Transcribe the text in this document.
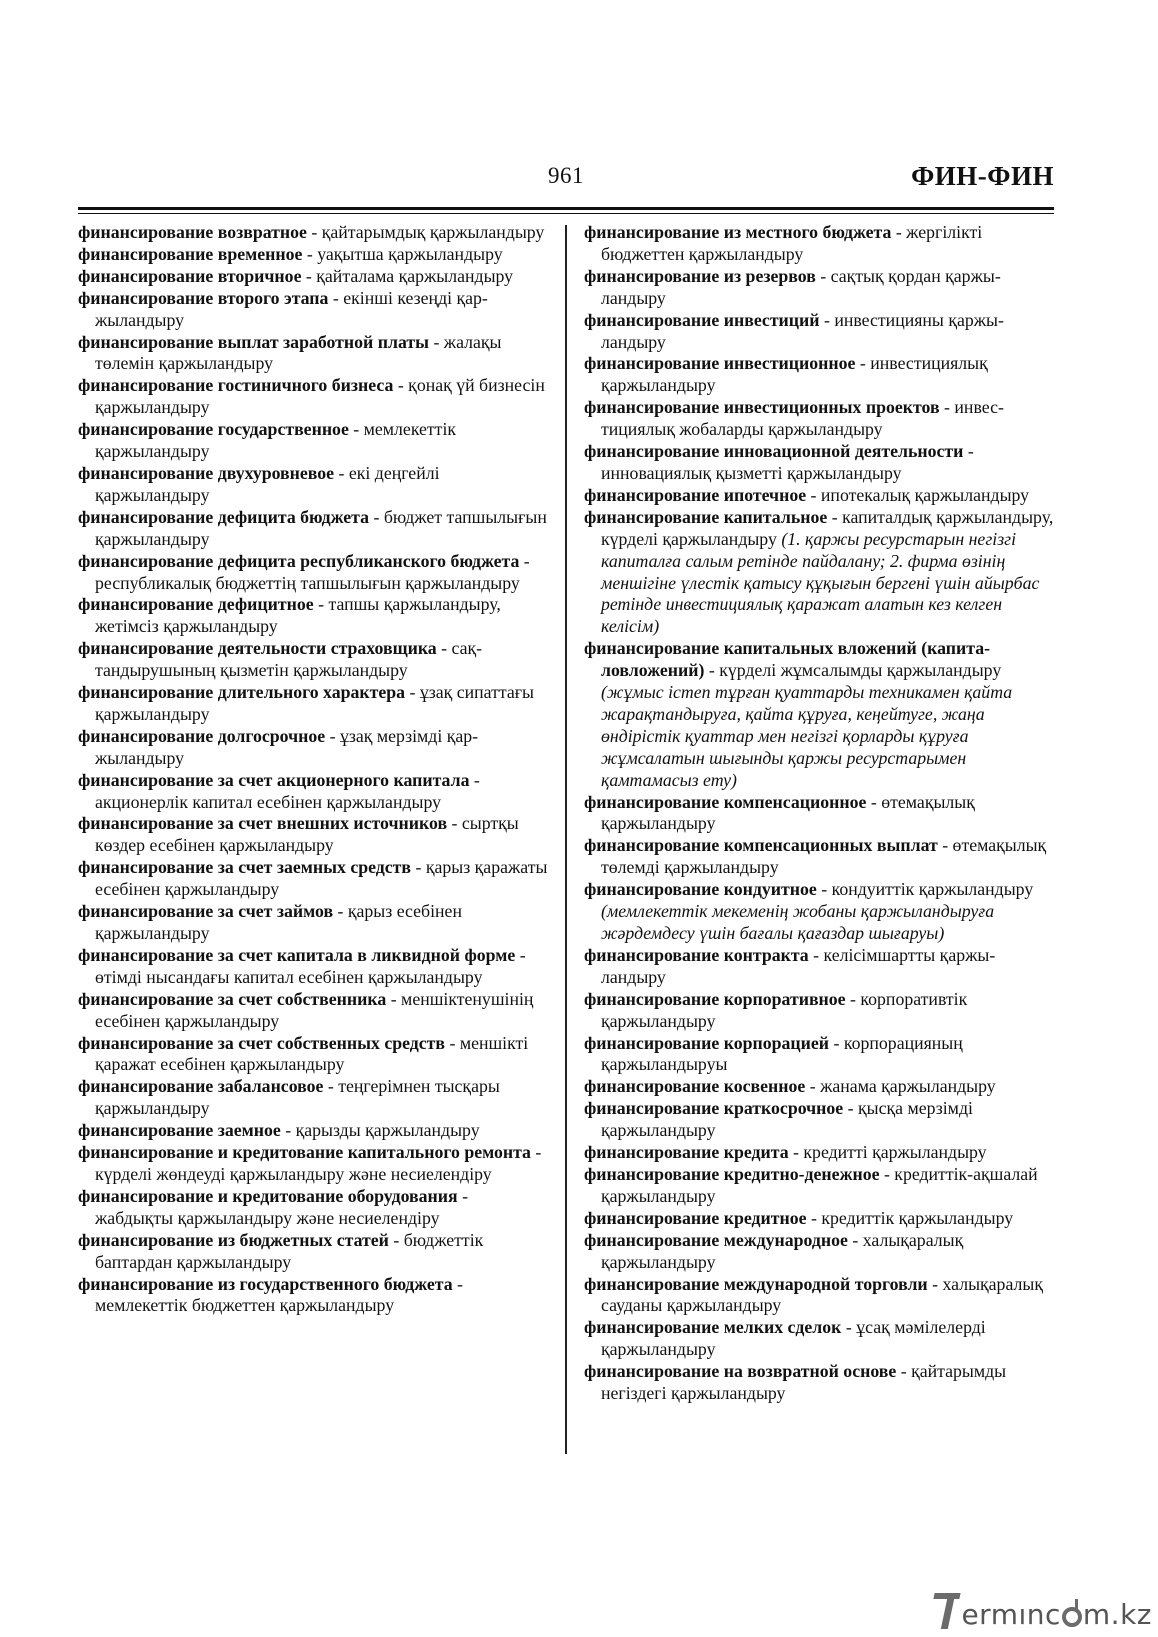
961	ФИН-ФИН

финансирование возвратное - қайтарымдық қаржыландыру

финансирование временное - уақытша қаржыландыру

финансирование вторичное - қайталама қаржыландыру

финансирование второго этапа - екінші кезеңді қаржыландыру

финансирование выплат заработной платы - жалақы төлемін қаржыландыру

финансирование гостиничного бизнеса - қонақ үй бизнесін қаржыландыру

финансирование государственное - мемлекеттік қаржыландыру

финансирование двухуровневое - екі деңгейлі қаржыландыру

финансирование дефицита бюджета - бюджет тапшылығын қаржыландыру

финансирование дефицита республиканского бюджета - республикалық бюджеттің тапшылығын қаржыландыру

финансирование дефицитное - тапшы қаржыландыру, жетімсіз қаржыландыру

финансирование деятельности страховщика - сақтандырушының қызметін қаржыландыру

финансирование длительного характера - ұзақ сипаттағы қаржыландыру

финансирование долгосрочное - ұзақ мерзімді қаржыландыру

финансирование за счет акционерного капитала - акционерлік капитал есебінен қаржыландыру

финансирование за счет внешних источников - сыртқы көздер есебінен қаржыландыру

финансирование за счет заемных средств - қарыз қаражаты есебінен қаржыландыру

финансирование за счет займов - қарыз есебінен қаржыландыру

финансирование за счет капитала в ликвидной форме - өтімді нысандағы капитал есебінен қаржыландыру

финансирование за счет собственника - меншіктенушінің есебінен қаржыландыру

финансирование за счет собственных средств - меншікті қаражат есебінен қаржыландыру

финансирование забалансовое - теңгерімнен тысқары қаржыландыру

финансирование заемное - қарызды қаржыландыру

финансирование и кредитование капитального ремонта - күрделі жөндеуді қаржыландыру және несиелендіру

финансирование и кредитование оборудования - жабдықты қаржыландыру және несиелендіру

финансирование из бюджетных статей - бюджеттік баптардан қаржыландыру

финансирование из государственного бюджета - мемлекеттік бюджеттен қаржыландыру

финансирование из местного бюджета - жергілікті бюджеттен қаржыландыру

финансирование из резервов - сақтық қордан қаржыландыру

финансирование инвестиций - инвестицияны қаржыландыру

финансирование инвестиционное - инвестициялық қаржыландыру

финансирование инвестиционных проектов - инвестициялық жобаларды қаржыландыру

финансирование инновационной деятельности - инновациялық қызметті қаржыландыру

финансирование ипотечное - ипотекалық қаржыландыру

финансирование капитальное - капиталдық қаржыландыру, күрделі қаржыландыру (1. қаржы ресурстарын негізгі капиталға салым ретінде пайдалану; 2. фирма өзінің меншігіне үлестік қатысу құқығын бергені үшін айырбас ретінде инвестициялық қаражат алатын кез келген келісім)

финансирование капитальных вложений (капиталовложений) - күрделі жұмсалымды қаржыландыру (жұмыс істеп тұрған қуаттарды техникамен қайта жарақтандыруға, қайта құруға, кеңейтуге, жаңа өндірістік қуаттар мен негізгі қорларды құруға жұмсалатын шығынды қаржы ресурстарымен қамтамасыз ету)

финансирование компенсационное - өтемақылық қаржыландыру

финансирование компенсационных выплат - өтемақылық төлемді қаржыландыру

финансирование кондуитное - кондуиттік қаржыландыру (мемлекеттік мекеменің жобаны қаржыландыруға жәрдемдесу үшін бағалы қағаздар шығаруы)

финансирование контракта - келісімшартты қаржыландыру

финансирование корпоративное - корпоративтік қаржыландыру

финансирование корпорацией - корпорацияның қаржыландыруы

финансирование косвенное - жанама қаржыландыру

финансирование краткосрочное - қысқа мерзімді қаржыландыру

финансирование кредита - кредитті қаржыландыру

финансирование кредитно-денежное - кредиттік-ақшалай қаржыландыру

финансирование кредитное - кредиттік қаржыландыру

финансирование международное - халықаралық қаржыландыру

финансирование международной торговли - халықаралық сауданы қаржыландыру

финансирование мелких сделок - ұсақ мәмілелерді қаржыландыру

финансирование на возвратной основе - қайтарымды негіздегі қаржыландыру

ermınc m.kz
